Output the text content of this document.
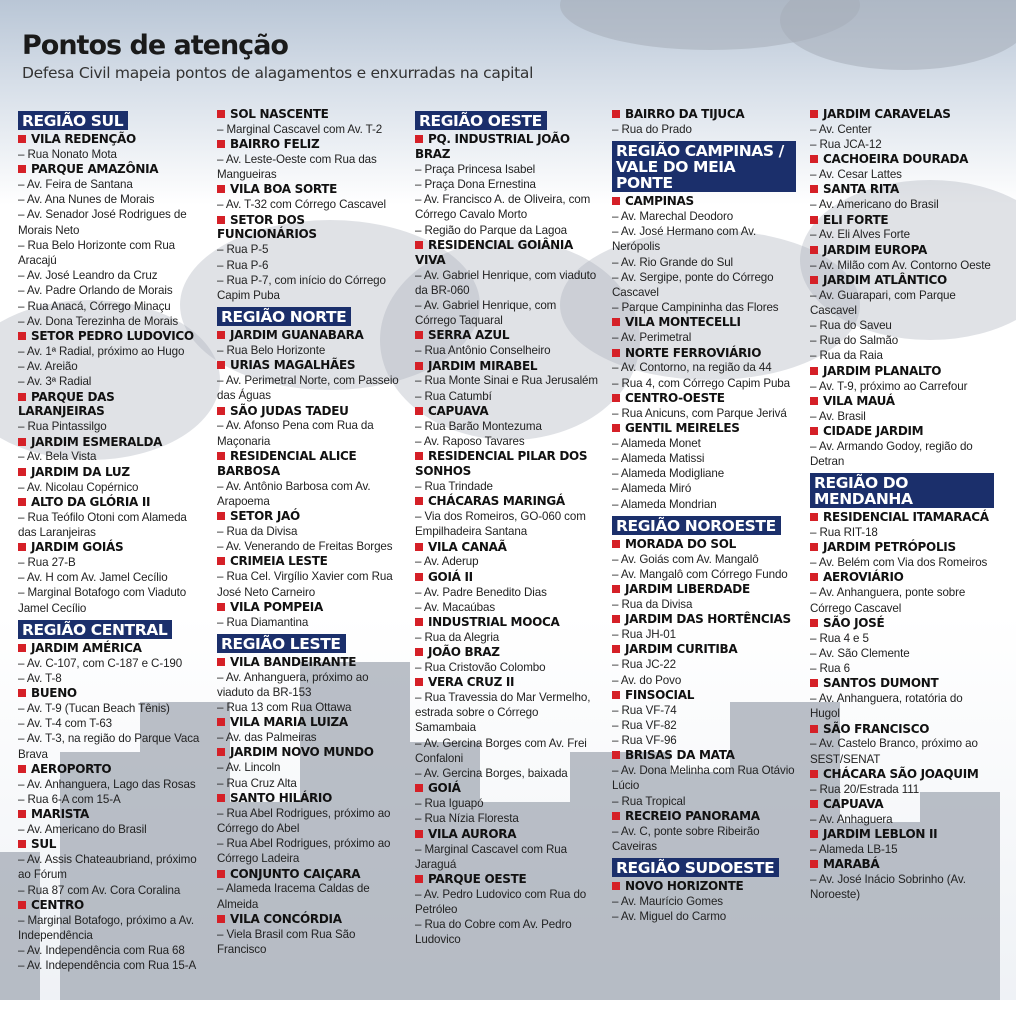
Pontos de atenção
Defesa Civil mapeia pontos de alagamentos e enxurradas na capital
REGIÃO SUL
VILA REDENÇÃO
– Rua Nonato Mota
PARQUE AMAZÔNIA
– Av. Feira de Santana
– Av. Ana Nunes de Morais
– Av. Senador José Rodrigues de Morais Neto
– Rua Belo Horizonte com Rua Aracajú
– Av. José Leandro da Cruz
– Av. Padre Orlando de Morais
– Rua Anacá, Córrego Minaçu
– Av. Dona Terezinha de Morais
SETOR PEDRO LUDOVICO
– Av. 1ª Radial, próximo ao Hugo
– Av. Areião
– Av. 3ª Radial
PARQUE DAS LARANJEIRAS
– Rua Pintassilgo
JARDIM ESMERALDA
– Av. Bela Vista
JARDIM DA LUZ
– Av. Nicolau Copérnico
ALTO DA GLÓRIA II
– Rua Teófilo Otoni com Alameda das Laranjeiras
JARDIM GOIÁS
– Rua 27-B
– Av. H com Av. Jamel Cecílio
– Marginal Botafogo com Viaduto Jamel Cecílio
REGIÃO CENTRAL
JARDIM AMÉRICA
– Av. C-107, com C-187 e C-190
– Av. T-8
BUENO
– Av. T-9 (Tucan Beach Tênis)
– Av. T-4 com T-63
– Av. T-3, na região do Parque Vaca Brava
AEROPORTO
– Av. Anhanguera, Lago das Rosas
– Rua 6-A com 15-A
MARISTA
– Av. Americano do Brasil
SUL
– Av. Assis Chateaubriand, próximo ao Fórum
– Rua 87 com Av. Cora Coralina
CENTRO
– Marginal Botafogo, próximo a Av. Independência
– Av. Independência com Rua 68
– Av. Independência com Rua 15-A
SOL NASCENTE
– Marginal Cascavel com Av. T-2
BAIRRO FELIZ
– Av. Leste-Oeste com Rua das Mangueiras
VILA BOA SORTE
– Av. T-32 com Córrego Cascavel
SETOR DOS FUNCIONÁRIOS
– Rua P-5
– Rua P-6
– Rua P-7, com início do Córrego Capim Puba
REGIÃO NORTE
JARDIM GUANABARA
– Rua Belo Horizonte
URIAS MAGALHÃES
– Av. Perimetral Norte, com Passeio das Águas
SÃO JUDAS TADEU
– Av. Afonso Pena com Rua da Maçonaria
RESIDENCIAL ALICE BARBOSA
– Av. Antônio Barbosa com Av. Arapoema
SETOR JAÓ
– Rua da Divisa
– Av. Venerando de Freitas Borges
CRIMEIA LESTE
– Rua Cel. Virgílio Xavier com Rua José Neto Carneiro
VILA POMPEIA
– Rua Diamantina
REGIÃO LESTE
VILA BANDEIRANTE
– Av. Anhanguera, próximo ao viaduto da BR-153
– Rua 13 com Rua Ottawa
VILA MARIA LUIZA
– Av. das Palmeiras
JARDIM NOVO MUNDO
– Av. Lincoln
– Rua Cruz Alta
SANTO HILÁRIO
– Rua Abel Rodrigues, próximo ao Córrego do Abel
– Rua Abel Rodrigues, próximo ao Córrego Ladeira
CONJUNTO CAIÇARA
– Alameda Iracema Caldas de Almeida
VILA CONCÓRDIA
– Viela Brasil com Rua São Francisco
REGIÃO OESTE
PQ. INDUSTRIAL JOÃO BRAZ
– Praça Princesa Isabel
– Praça Dona Ernestina
– Av. Francisco A. de Oliveira, com Córrego Cavalo Morto
– Região do Parque da Lagoa
RESIDENCIAL GOIÂNIA VIVA
– Av. Gabriel Henrique, com viaduto da BR-060
– Av. Gabriel Henrique, com Córrego Taquaral
SERRA AZUL
– Rua Antônio Conselheiro
JARDIM MIRABEL
– Rua Monte Sinai e Rua Jerusalém
– Rua Catumbí
CAPUAVA
– Rua Barão Montezuma
– Av. Raposo Tavares
RESIDENCIAL PILAR DOS SONHOS
– Rua Trindade
CHÁCARAS MARINGÁ
– Via dos Romeiros, GO-060 com Empilhadeira Santana
VILA CANAÃ
– Av. Aderup
GOIÁ II
– Av. Padre Benedito Dias
– Av. Macaúbas
INDUSTRIAL MOOCA
– Rua da Alegria
JOÃO BRAZ
– Rua Cristovão Colombo
VERA CRUZ II
– Rua Travessia do Mar Vermelho, estrada sobre o Córrego Samambaia
– Av. Gercina Borges com Av. Frei Confaloni
– Av. Gercina Borges, baixada
GOIÁ
– Rua Iguapó
– Rua Nízia Floresta
VILA AURORA
– Marginal Cascavel com Rua Jaraguá
PARQUE OESTE
– Av. Pedro Ludovico com Rua do Petróleo
– Rua do Cobre com Av. Pedro Ludovico
BAIRRO DA TIJUCA
– Rua do Prado
REGIÃO CAMPINAS / VALE DO MEIA PONTE
CAMPINAS
– Av. Marechal Deodoro
– Av. José Hermano com Av. Nerópolis
– Av. Rio Grande do Sul
– Av. Sergipe, ponte do Córrego Cascavel
– Parque Campininha das Flores
VILA MONTECELLI
– Av. Perimetral
NORTE FERROVIÁRIO
– Av. Contorno, na região da 44
– Rua 4, com Córrego Capim Puba
CENTRO-OESTE
– Rua Anicuns, com Parque Jerivá
GENTIL MEIRELES
– Alameda Monet
– Alameda Matissi
– Alameda Modigliane
– Alameda Miró
– Alameda Mondrian
REGIÃO NOROESTE
MORADA DO SOL
– Av. Goiás com Av. Mangalô
– Av. Mangalô com Córrego Fundo
JARDIM LIBERDADE
– Rua da Divisa
JARDIM DAS HORTÊNCIAS
– Rua JH-01
JARDIM CURITIBA
– Rua JC-22
– Av. do Povo
FINSOCIAL
– Rua VF-74
– Rua VF-82
– Rua VF-96
BRISAS DA MATA
– Av. Dona Melinha com Rua Otávio Lúcio
– Rua Tropical
RECREIO PANORAMA
– Av. C, ponte sobre Ribeirão Caveiras
REGIÃO SUDOESTE
NOVO HORIZONTE
– Av. Maurício Gomes
– Av. Miguel do Carmo
JARDIM CARAVELAS
– Av. Center
– Rua JCA-12
CACHOEIRA DOURADA
– Av. Cesar Lattes
SANTA RITA
– Av. Americano do Brasil
ELI FORTE
– Av. Eli Alves Forte
JARDIM EUROPA
– Av. Milão com Av. Contorno Oeste
JARDIM ATLÂNTICO
– Av. Guarapari, com Parque Cascavel
– Rua do Saveu
– Rua do Salmão
– Rua da Raia
JARDIM PLANALTO
– Av. T-9, próximo ao Carrefour
VILA MAUÁ
– Av. Brasil
CIDADE JARDIM
– Av. Armando Godoy, região do Detran
REGIÃO DO MENDANHA
RESIDENCIAL ITAMARACÁ
– Rua RIT-18
JARDIM PETRÓPOLIS
– Av. Belém com Via dos Romeiros
AEROVIÁRIO
– Av. Anhanguera, ponte sobre Córrego Cascavel
SÃO JOSÉ
– Rua 4 e 5
– Av. São Clemente
– Rua 6
SANTOS DUMONT
– Av. Anhanguera, rotatória do Hugol
SÃO FRANCISCO
– Av. Castelo Branco, próximo ao SEST/SENAT
CHÁCARA SÃO JOAQUIM
– Rua 20/Estrada 111
CAPUAVA
– Av. Anhaguera
JARDIM LEBLON II
– Alameda LB-15
MARABÁ
– Av. José Inácio Sobrinho (Av. Noroeste)
